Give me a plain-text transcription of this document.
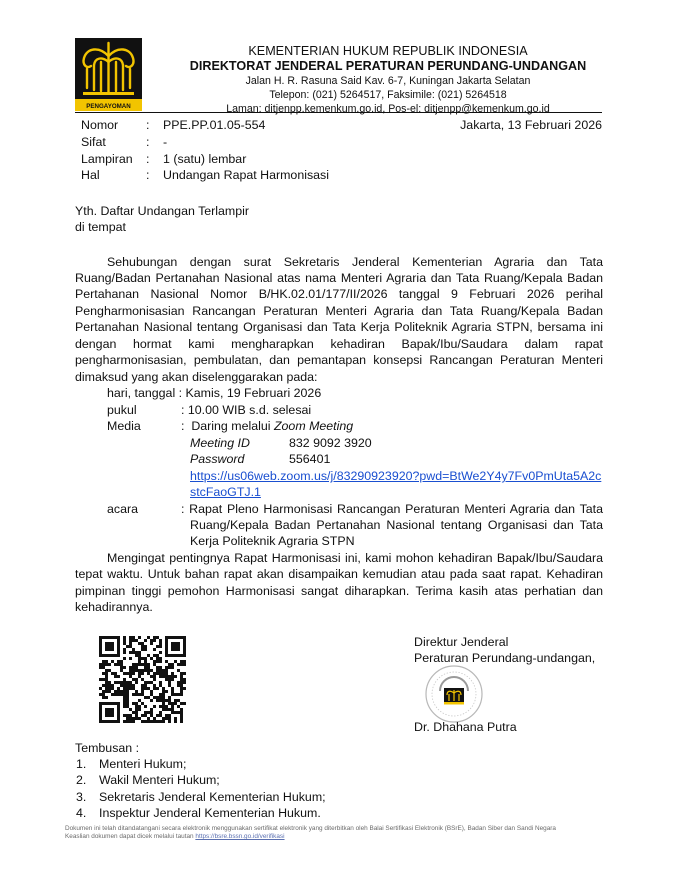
PENGAYOMAN
KEMENTERIAN HUKUM REPUBLIK INDONESIA
DIREKTORAT JENDERAL PERATURAN PERUNDANG-UNDANGAN
Jalan H. R. Rasuna Said Kav. 6-7, Kuningan Jakarta Selatan
Telepon: (021) 5264517, Faksimile: (021) 5264518
Laman: ditjenpp.kemenkum.go.id, Pos-el: ditjenpp@kemenkum.go.id
Nomor : PPE.PP.01.05-554	Jakarta, 13 Februari 2026
Sifat	: -
Lampiran : 1 (satu) lembar
Hal	: Undangan Rapat Harmonisasi
Yth. Daftar Undangan Terlampir
di tempat
Sehubungan dengan surat Sekretaris Jenderal Kementerian Agraria dan Tata
Ruang/Badan Pertanahan Nasional atas nama Menteri Agraria dan Tata Ruang/Kepala Badan
Pertahanan Nasional Nomor B/HK.02.01/177/II/2026 tanggal 9 Februari 2026 perihal
Pengharmonisasian Rancangan Peraturan Menteri Agraria dan Tata Ruang/Kepala Badan
Pertanahan Nasional tentang Organisasi dan Tata Kerja Politeknik Agraria STPN, bersama ini
dengan hormat kami mengharapkan kehadiran Bapak/Ibu/Saudara dalam rapat
pengharmonisasian, pembulatan, dan pemantapan konsepsi Rancangan Peraturan Menteri
dimaksud yang akan diselenggarakan pada:
hari, tanggal : Kamis, 19 Februari 2026
pukul	: 10.00 WIB s.d. selesai
Media	:  Daring melalui Zoom Meeting
Meeting ID	832 9092 3920
Password	556401
https://us06web.zoom.us/j/83290923920?pwd=BtWe2Y4y7Fv0PmUta5A2c
stcFaoGTJ.1
acara	: Rapat Pleno Harmonisasi Rancangan Peraturan Menteri Agraria dan Tata
Ruang/Kepala Badan Pertanahan Nasional tentang Organisasi dan Tata
Kerja Politeknik Agraria STPN
Mengingat pentingnya Rapat Harmonisasi ini, kami mohon kehadiran Bapak/Ibu/Saudara
tepat waktu. Untuk bahan rapat akan disampaikan kemudian atau pada saat rapat. Kehadiran
pimpinan tinggi pemohon Harmonisasi sangat diharapkan. Terima kasih atas perhatian dan
kehadirannya.
Direktur Jenderal
Peraturan Perundang-undangan,
Dr. Dhahana Putra
Tembusan :
1. Menteri Hukum;
2. Wakil Menteri Hukum;
3. Sekretaris Jenderal Kementerian Hukum;
4. Inspektur Jenderal Kementerian Hukum.
Dokumen ini telah ditandatangani secara elektronik menggunakan sertifikat elektronik yang diterbitkan oleh Balai Sertifikasi Elektronik (BSrE), Badan Siber dan Sandi Negara
Keaslian dokumen dapat dicek melalui tautan https://bsre.bssn.go.id/verifikasi
